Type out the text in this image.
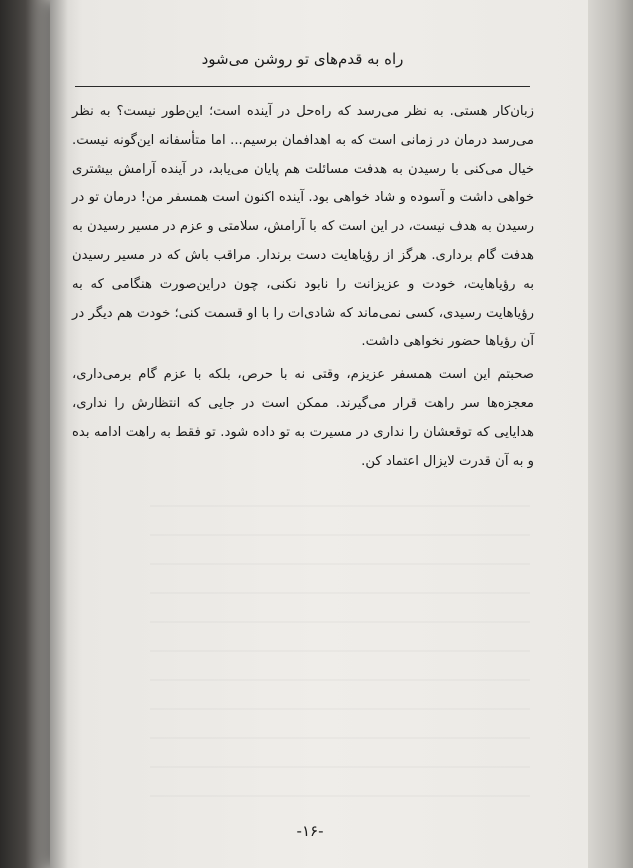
راه به قدم‌های تو روشن می‌شود

زبان‌کار هستی. به نظر می‌رسد که راه‌حل در آینده است؛ این‌طور نیست؟ به نظر می‌رسد درمان در زمانی است که به اهدافمان برسیم... اما متأسفانه این‌گونه نیست. خیال می‌کنی با رسیدن به هدفت مسائلت هم پایان می‌یابد، در آینده آرامش بیشتری خواهی داشت و آسوده و شاد خواهی بود. آینده اکنون است همسفر من! درمان تو در رسیدن به هدف نیست، در این است که با آرامش، سلامتی و عزم در مسیر رسیدن به هدفت گام برداری. هرگز از رؤیاهایت دست برندار. مراقب باش که در مسیر رسیدن به رؤیاهایت، خودت و عزیزانت را نابود نکنی، چون دراین‌صورت هنگامی که به رؤیاهایت رسیدی، کسی نمی‌ماند که شادی‌ات را با او قسمت کنی؛ خودت هم دیگر در آن رؤیاها حضور نخواهی داشت.

صحبتم این است همسفر عزیزم، وقتی نه با حرص، بلکه با عزم گام برمی‌داری، معجزه‌ها سر راهت قرار می‌گیرند. ممکن است در جایی که انتظارش را نداری، هدایایی که توقعشان را نداری در مسیرت به تو داده شود. تو فقط به راهت ادامه بده و به آن قدرت لایزال اعتماد کن.

-۱۶-
